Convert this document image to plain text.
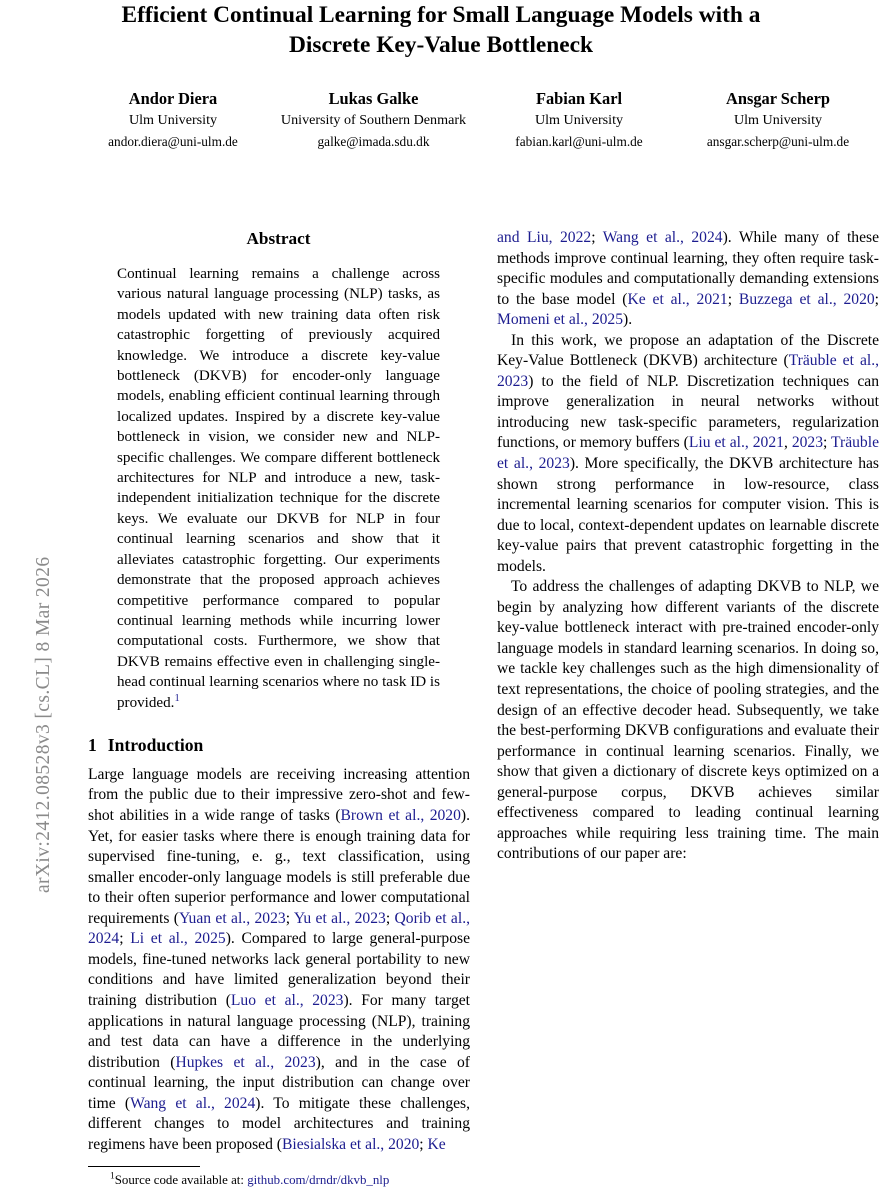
arXiv:2412.08528v3 [cs.CL] 8 Mar 2026
Efficient Continual Learning for Small Language Models with a
Discrete Key-Value Bottleneck
Andor Diera
Ulm University
andor.diera@uni-ulm.de
Lukas Galke
University of Southern Denmark
galke@imada.sdu.dk
Fabian Karl
Ulm University
fabian.karl@uni-ulm.de
Ansgar Scherp
Ulm University
ansgar.scherp@uni-ulm.de
Abstract

Continual learning remains a challenge across various natural language processing (NLP) tasks, as models updated with new training data often risk catastrophic forgetting of previously acquired knowledge. We introduce a discrete key-value bottleneck (DKVB) for encoder-only language models, enabling efficient continual learning through localized updates. Inspired by a discrete key-value bottleneck in vision, we consider new and NLP-specific challenges. We compare different bottleneck architectures for NLP and introduce a new, task-independent initialization technique for the discrete keys. We evaluate our DKVB for NLP in four continual learning scenarios and show that it alleviates catastrophic forgetting. Our experiments demonstrate that the proposed approach achieves competitive performance compared to popular continual learning methods while incurring lower computational costs. Furthermore, we show that DKVB remains effective even in challenging single-head continual learning scenarios where no task ID is provided.$^1$

1 Introduction

Large language models are receiving increasing attention from the public due to their impressive zero-shot and few-shot abilities in a wide range of tasks (Brown et al., 2020). Yet, for easier tasks where there is enough training data for supervised fine-tuning, e. g., text classification, using smaller encoder-only language models is still preferable due to their often superior performance and lower computational requirements (Yuan et al., 2023; Yu et al., 2023; Qorib et al., 2024; Li et al., 2025). Compared to large general-purpose models, fine-tuned networks lack general portability to new conditions and have limited generalization beyond their training distribution (Luo et al., 2023). For many target applications in natural language processing (NLP), training and test data can have a difference in the underlying distribution (Hupkes et al., 2023), and in the case of continual learning, the input distribution can change over time (Wang et al., 2024). To mitigate these challenges, different changes to model architectures and training regimens have been proposed (Biesialska et al., 2020; Ke

and Liu, 2022; Wang et al., 2024). While many of these methods improve continual learning, they often require task-specific modules and computationally demanding extensions to the base model (Ke et al., 2021; Buzzega et al., 2020; Momeni et al., 2025).

In this work, we propose an adaptation of the Discrete Key-Value Bottleneck (DKVB) architecture (Träuble et al., 2023) to the field of NLP. Discretization techniques can improve generalization in neural networks without introducing new task-specific parameters, regularization functions, or memory buffers (Liu et al., 2021, 2023; Träuble et al., 2023). More specifically, the DKVB architecture has shown strong performance in low-resource, class incremental learning scenarios for computer vision. This is due to local, context-dependent updates on learnable discrete key-value pairs that prevent catastrophic forgetting in the models.

To address the challenges of adapting DKVB to NLP, we begin by analyzing how different variants of the discrete key-value bottleneck interact with pre-trained encoder-only language models in standard learning scenarios. In doing so, we tackle key challenges such as the high dimensionality of text representations, the choice of pooling strategies, and the design of an effective decoder head. Subsequently, we take the best-performing DKVB configurations and evaluate their performance in continual learning scenarios. Finally, we show that given a dictionary of discrete keys optimized on a general-purpose corpus, DKVB achieves similar effectiveness compared to leading continual learning approaches while requiring less training time. The main contributions of our paper are:

$^1$Source code available at: github.com/drndr/dkvb_nlp
